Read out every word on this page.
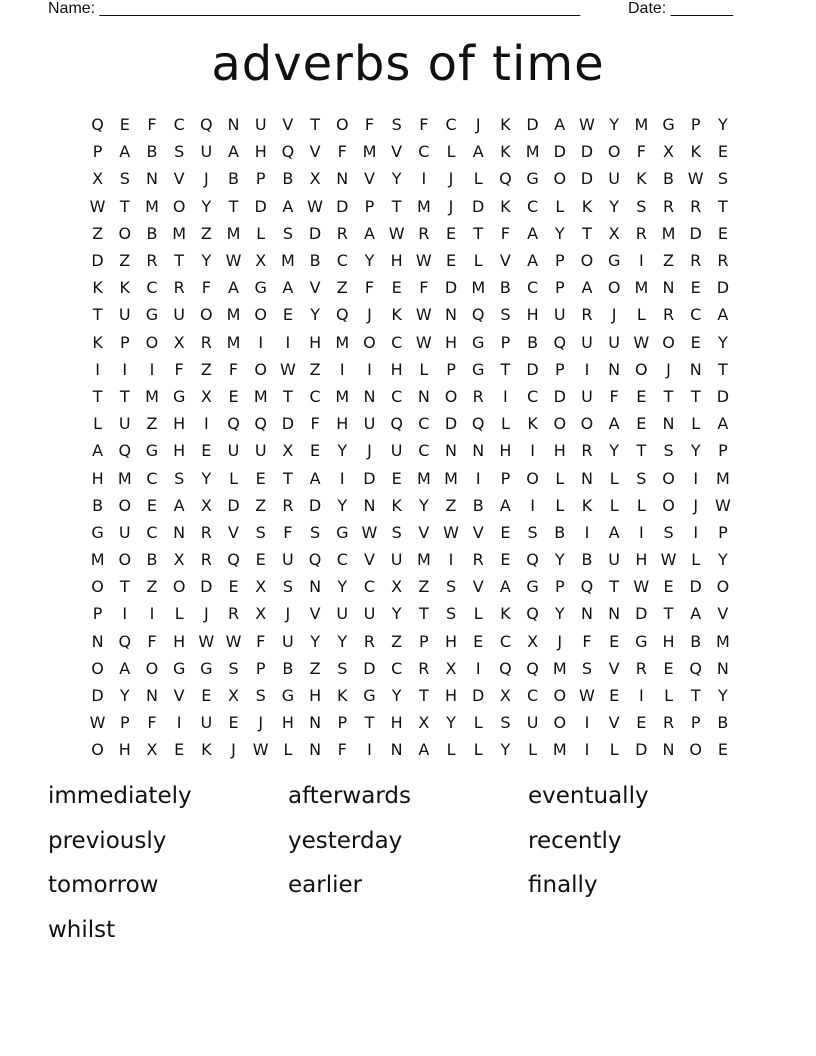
Name: ______________________________________________________	Date: _______
adverbs of time
Q E	F	C Q N U V	T	O	F	S	F	C	J	K D A W Y M G	P	Y
P	A	B	S	U A H Q V	F M V	C	L	A	K M D D O	F	X	K	E
X	S	N V	J	B	P	B	X N V	Y	I	J	L	Q G O D U	K	B W S
W T M O	Y	T	D A W D	P	T M	J	D K	C	L	K	Y	S	R	R	T
Z O B M Z M L	S D R	A W R	E	T	F	A	Y	T	X	R M D E
D Z	R	T	Y W X M B	C	Y	H W E	L	V	A	P	O G	I	Z	R	R
K	K	C	R	F	A G A	V	Z	F	E	F	D M B	C	P	A O M N	E D
T	U G U O M O E	Y	Q	J	K W N Q S	H U R	J	L	R	C	A
K	P	O X	R M	I	I	H M O C W H G	P	B Q U U W O E	Y
I	I	I	F	Z	F	O W Z	I	I	H	L	P	G	T	D	P	I	N O	J	N	T
T	T M G X	E M T	C M N C N O R	I	C D U	F	E	T	T	D
L	U Z H	I	Q Q D	F	H U Q C D Q	L	K O O A	E	N	L	A
A Q G H	E	U U X	E	Y	J	U C N N H	I	H R	Y	T	S	Y	P
H M C	S	Y	L	E	T	A	I	D E M M	I	P	O	L	N	L	S O	I	M
B O E	A	X D Z	R D	Y	N K	Y	Z	B	A	I	L	K	L	L	O	J	W
G U C N R	V	S	F	S G W S	V W V	E	S	B	I	A	I	S	I	P
M O B	X	R Q E	U Q C	V U M	I	R	E Q	Y	B U H W L	Y
O	T	Z O D E	X	S	N	Y	C	X	Z	S	V	A G	P	Q	T W E D O
P	I	I	L	J	R	X	J	V U U	Y	T	S	L	K Q	Y	N N D	T	A	V
N Q	F	H W W F	U	Y	Y	R	Z	P	H	E	C	X	J	F	E G H B M
O A O G G S	P	B	Z	S D C	R	X	I	Q Q M S	V	R	E Q N
D	Y	N V	E	X	S G H K G	Y	T	H D X	C O W E	I	L	T	Y
W P	F	I	U	E	J	H N	P	T	H X	Y	L	S	U O	I	V	E	R	P	B
O H X	E	K	J	W L	N	F	I	N A	L	L	Y	L M	I	L	D N O E
immediately	afterwards	eventually
previously	yesterday	recently
tomorrow	earlier	finally
whilst
